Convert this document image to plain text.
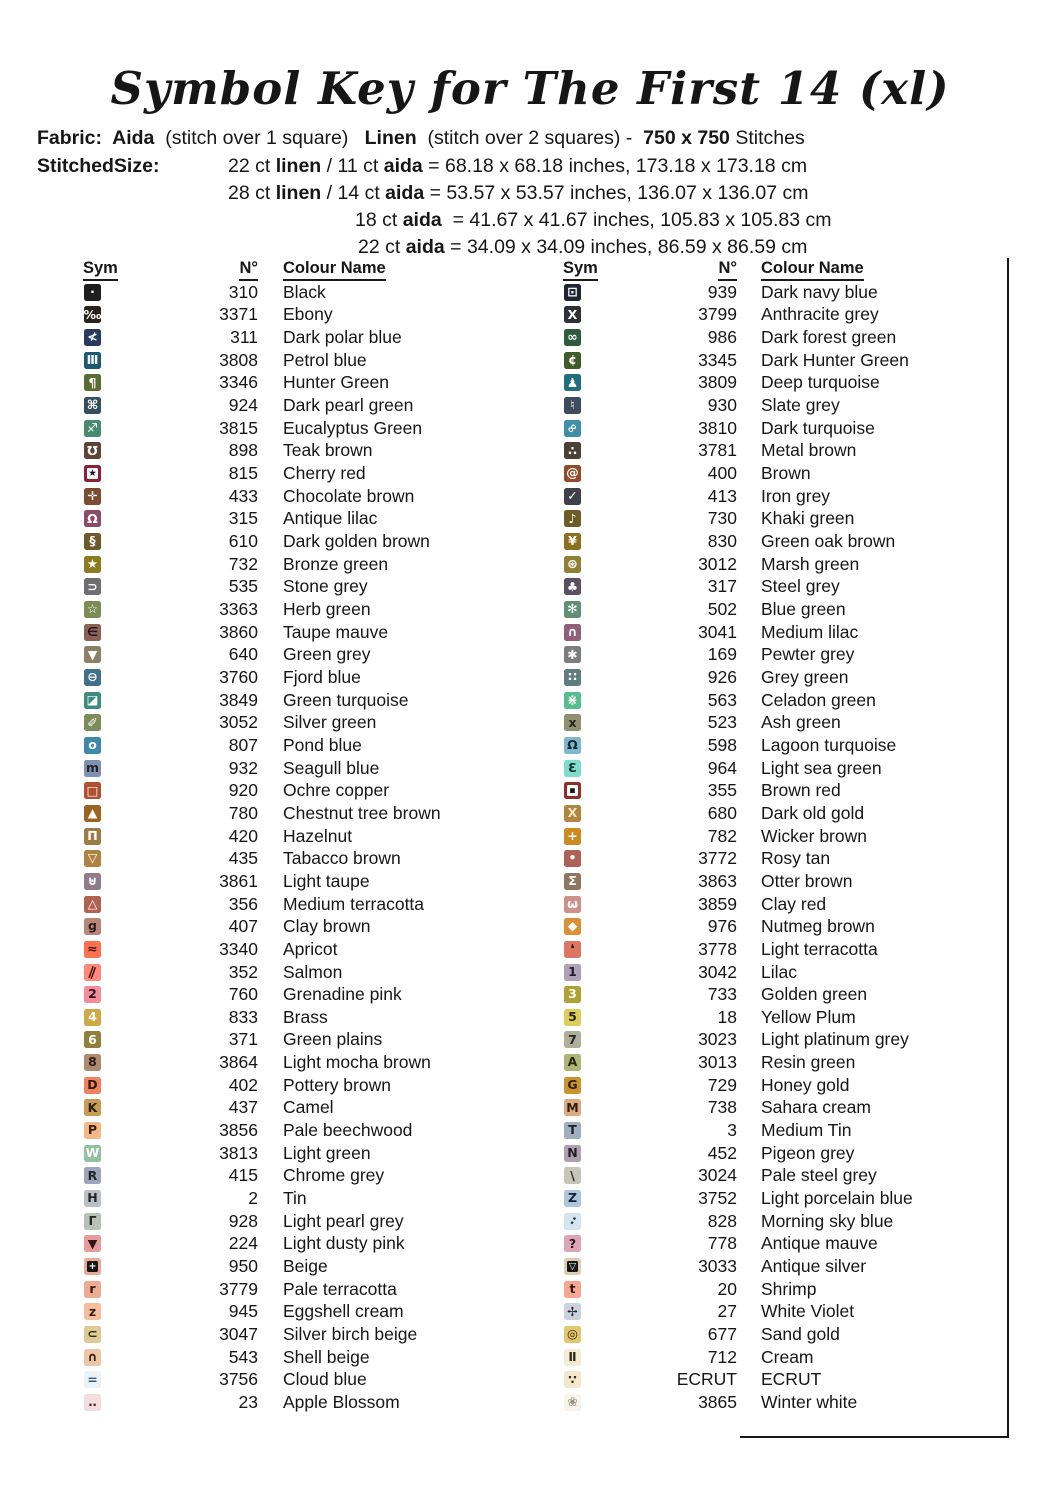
Symbol Key for The First 14 (xl)
Fabric:  Aida  (stitch over 1 square)   Linen  (stitch over 2 squares) -  750 x 750 Stitches
StitchedSize:	22 ct linen / 11 ct aida = 68.18 x 68.18 inches, 173.18 x 173.18 cm
28 ct linen / 14 ct aida = 53.57 x 53.57 inches, 136.07 x 136.07 cm
18 ct aida  = 41.67 x 41.67 inches, 105.83 x 105.83 cm
22 ct aida = 34.09 x 34.09 inches, 86.59 x 86.59 cm
Sym	N°	Colour Name
·	310	Black
‰	3371	Ebony
≮	311	Dark polar blue
Ⅲ	3808	Petrol blue
¶	3346	Hunter Green
⌘	924	Dark pearl green
♐	3815	Eucalyptus Green
℧	898	Teak brown
★	815	Cherry red
✛	433	Chocolate brown
Ω	315	Antique lilac
§	610	Dark golden brown
★	732	Bronze green
⊃	535	Stone grey
☆	3363	Herb green
∈	3860	Taupe mauve
▼	640	Green grey
⊖	3760	Fjord blue
◪	3849	Green turquoise
✐	3052	Silver green
o	807	Pond blue
m	932	Seagull blue
□	920	Ochre copper
▲	780	Chestnut tree brown
Π	420	Hazelnut
▽	435	Tabacco brown
⊍	3861	Light taupe
△	356	Medium terracotta
g	407	Clay brown
≈	3340	Apricot
∥	352	Salmon
2	760	Grenadine pink
4	833	Brass
6	371	Green plains
8	3864	Light mocha brown
D	402	Pottery brown
K	437	Camel
P	3856	Pale beechwood
W	3813	Light green
R	415	Chrome grey
H	2	Tin
Γ	928	Light pearl grey
▼	224	Light dusty pink
+	950	Beige
r	3779	Pale terracotta
z	945	Eggshell cream
⊂	3047	Silver birch beige
∩	543	Shell beige
=	3756	Cloud blue
‥	23	Apple Blossom
Sym	N°	Colour Name
⊡	939	Dark navy blue
X	3799	Anthracite grey
∞	986	Dark forest green
¢	3345	Dark Hunter Green
♟	3809	Deep turquoise
♮	930	Slate grey
∞	3810	Dark turquoise
∴	3781	Metal brown
@	400	Brown
✓	413	Iron grey
♪	730	Khaki green
¥	830	Green oak brown
⊛	3012	Marsh green
♣	317	Steel grey
✻	502	Blue green
∩	3041	Medium lilac
✱	169	Pewter grey
∷	926	Grey green
⋇	563	Celadon green
x	523	Ash green
Ω	598	Lagoon turquoise
Ɛ	964	Light sea green
▪	355	Brown red
Ⅹ	680	Dark old gold
+	782	Wicker brown
•	3772	Rosy tan
Σ	3863	Otter brown
ω	3859	Clay red
◆	976	Nutmeg brown
❛	3778	Light terracotta
1	3042	Lilac
3	733	Golden green
5	18	Yellow Plum
7	3023	Light platinum grey
A	3013	Resin green
G	729	Honey gold
M	738	Sahara cream
T	3	Medium Tin
N	452	Pigeon grey
\	3024	Pale steel grey
Z	3752	Light porcelain blue
∶	828	Morning sky blue
?	778	Antique mauve
▽	3033	Antique silver
t	20	Shrimp
✢	27	White Violet
◎	677	Sand gold
Ⅱ	712	Cream
∵	ECRUT	ECRUT
❀	3865	Winter white
